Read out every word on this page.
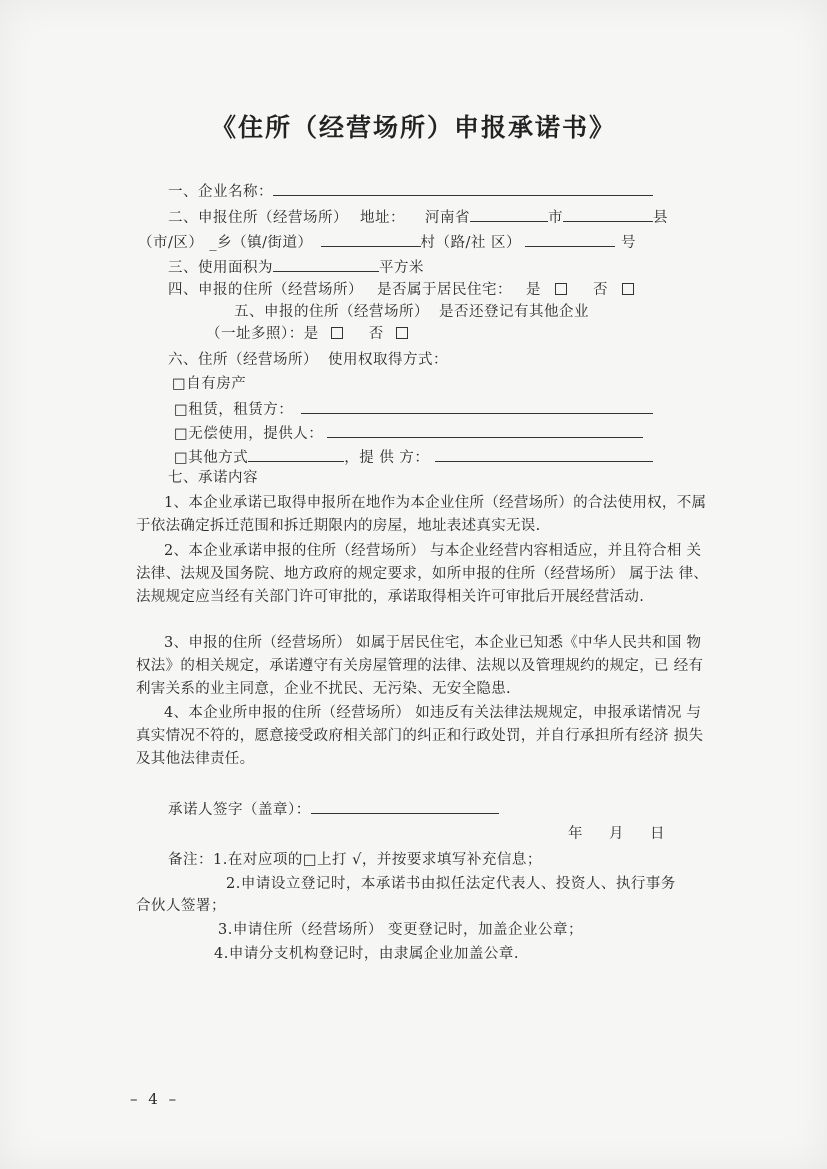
《住所（经营场所）申报承诺书》
一、企业名称：
二、申报住所（经营场所） 地址： 河南省	市	县
（市/区） _乡（镇/街道）	村（路/社 区）	号
三、使用面积为	平方米
四、申报的住所（经营场所） 是否属于居民住宅： 是	否
五、申报的住所（经营场所） 是否还登记有其他企业
（一址多照）：是	否
六、住所（经营场所） 使用权取得方式：
□自有房产
□租赁，租赁方：
□无偿使用，提供人：
□其他方式	，提 供 方：
七、承诺内容
1、本企业承诺已取得申报所在地作为本企业住所（经营场所）的合法使用权，不属于依法确定拆迁范围和拆迁期限内的房屋，地址表述真实无误.
2、本企业承诺申报的住所（经营场所） 与本企业经营内容相适应，并且符合相 关法律、法规及国务院、地方政府的规定要求，如所申报的住所（经营场所） 属于法 律、法规规定应当经有关部门许可审批的，承诺取得相关许可审批后开展经营活动.
3、申报的住所（经营场所） 如属于居民住宅，本企业已知悉《中华人民共和国 物权法》的相关规定，承诺遵守有关房屋管理的法律、法规以及管理规约的规定，已 经有利害关系的业主同意，企业不扰民、无污染、无安全隐患.
4、本企业所申报的住所（经营场所） 如违反有关法律法规规定，申报承诺情况 与真实情况不符的，愿意接受政府相关部门的纠正和行政处罚，并自行承担所有经济 损失及其他法律责任。
承诺人签字（盖章）：
年 月 日
备注：1.在对应项的□上打 √，并按要求填写补充信息；
2.申请设立登记时，本承诺书由拟任法定代表人、投资人、执行事务
合伙人签署；
3.申请住所（经营场所） 变更登记时，加盖企业公章；
4.申请分支机构登记时，由隶属企业加盖公章.
– 4 –
